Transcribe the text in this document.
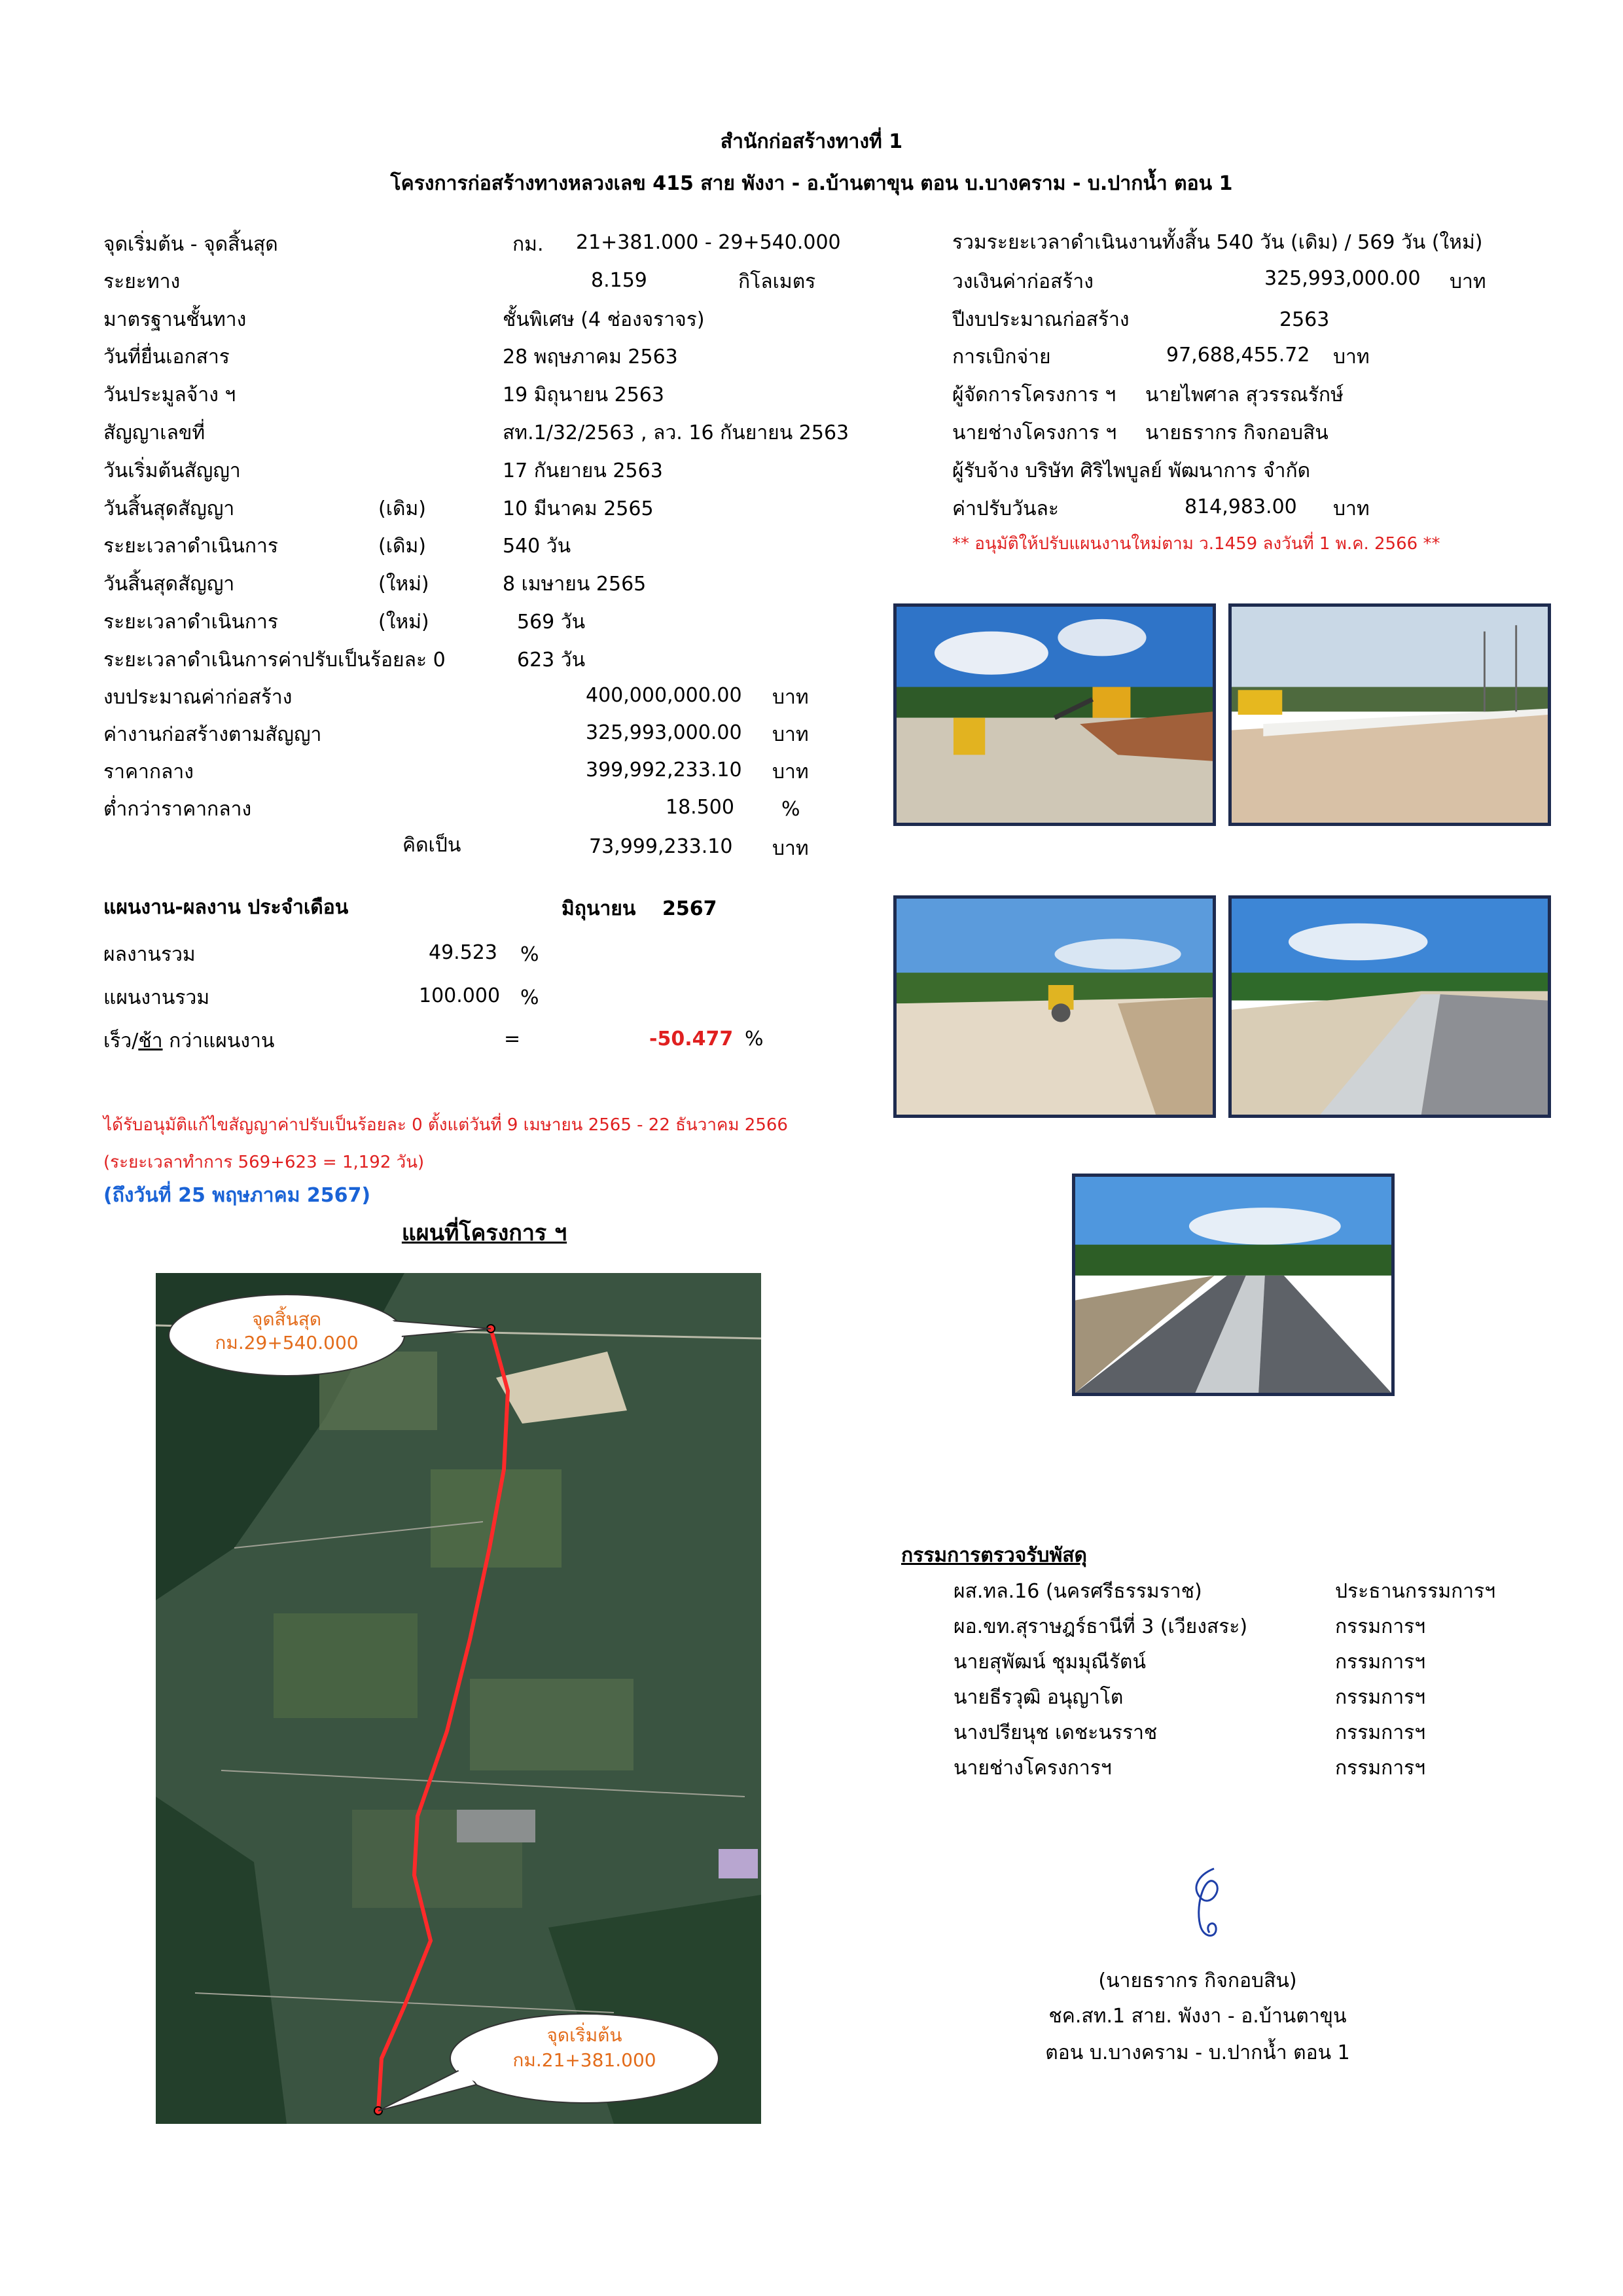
สำนักก่อสร้างทางที่ 1
โครงการก่อสร้างทางหลวงเลข 415 สาย พังงา - อ.บ้านตาขุน ตอน บ.บางคราม - บ.ปากน้ำ ตอน 1
จุดเริ่มต้น - จุดสิ้นสุด	กม. 21+381.000 - 29+540.000
ระยะทาง	8.159	กิโลเมตร
มาตรฐานชั้นทาง	ชั้นพิเศษ (4 ช่องจราจร)
วันที่ยื่นเอกสาร	28 พฤษภาคม 2563
วันประมูลจ้าง ฯ	19 มิถุนายน 2563
สัญญาเลขที่	สท.1/32/2563 , ลว. 16 กันยายน 2563
วันเริ่มต้นสัญญา	17 กันยายน 2563
วันสิ้นสุดสัญญา	(เดิม)	10 มีนาคม 2565
ระยะเวลาดำเนินการ	(เดิม)	540 วัน
วันสิ้นสุดสัญญา	(ใหม่)	8 เมษายน 2565
ระยะเวลาดำเนินการ	(ใหม่)	569 วัน
ระยะเวลาดำเนินการค่าปรับเป็นร้อยละ 0	623 วัน
งบประมาณค่าก่อสร้าง	400,000,000.00 บาท
ค่างานก่อสร้างตามสัญญา	325,993,000.00 บาท
ราคากลาง	399,992,233.10 บาท
ต่ำกว่าราคากลาง	18.500 %
คิดเป็น	73,999,233.10 บาท
รวมระยะเวลาดำเนินงานทั้งสิ้น 540 วัน (เดิม) / 569 วัน (ใหม่)
วงเงินค่าก่อสร้าง	325,993,000.00 บาท
ปีงบประมาณก่อสร้าง	2563
การเบิกจ่าย	97,688,455.72 บาท
ผู้จัดการโครงการ ฯ นายไพศาล สุวรรณรักษ์
นายช่างโครงการ ฯ นายธรากร กิจกอบสิน
ผู้รับจ้าง บริษัท ศิริไพบูลย์ พัฒนาการ จำกัด
ค่าปรับวันละ	814,983.00 บาท
** อนุมัติให้ปรับแผนงานใหม่ตาม ว.1459 ลงวันที่ 1 พ.ค. 2566 **
แผนงาน-ผลงาน ประจำเดือน	มิถุนายน 2567
ผลงานรวม	49.523 %
แผนงานรวม	100.000 %
เร็ว/ช้า กว่าแผนงาน	=	-50.477 %
ได้รับอนุมัติแก้ไขสัญญาค่าปรับเป็นร้อยละ 0 ตั้งแต่วันที่ 9 เมษายน 2565 - 22 ธันวาคม 2566
(ระยะเวลาทำการ 569+623 = 1,192 วัน)
(ถึงวันที่ 25 พฤษภาคม 2567)
แผนที่โครงการ ฯ
จุดสิ้นสุด
กม.29+540.000
จุดเริ่มต้น
กม.21+381.000
กรรมการตรวจรับพัสดุ
ผส.ทล.16 (นครศรีธรรมราช)	ประธานกรรมการฯ
ผอ.ขท.สุราษฎร์ธานีที่ 3 (เวียงสระ)	กรรมการฯ
นายสุพัฒน์ ชุมมุณีรัตน์	กรรมการฯ
นายธีรวุฒิ อนุญาโต	กรรมการฯ
นางปรียนุช เดชะนรราช	กรรมการฯ
นายช่างโครงการฯ	กรรมการฯ
(นายธรากร กิจกอบสิน)
ชค.สท.1 สาย. พังงา - อ.บ้านตาขุน
ตอน บ.บางคราม - บ.ปากน้ำ ตอน 1
